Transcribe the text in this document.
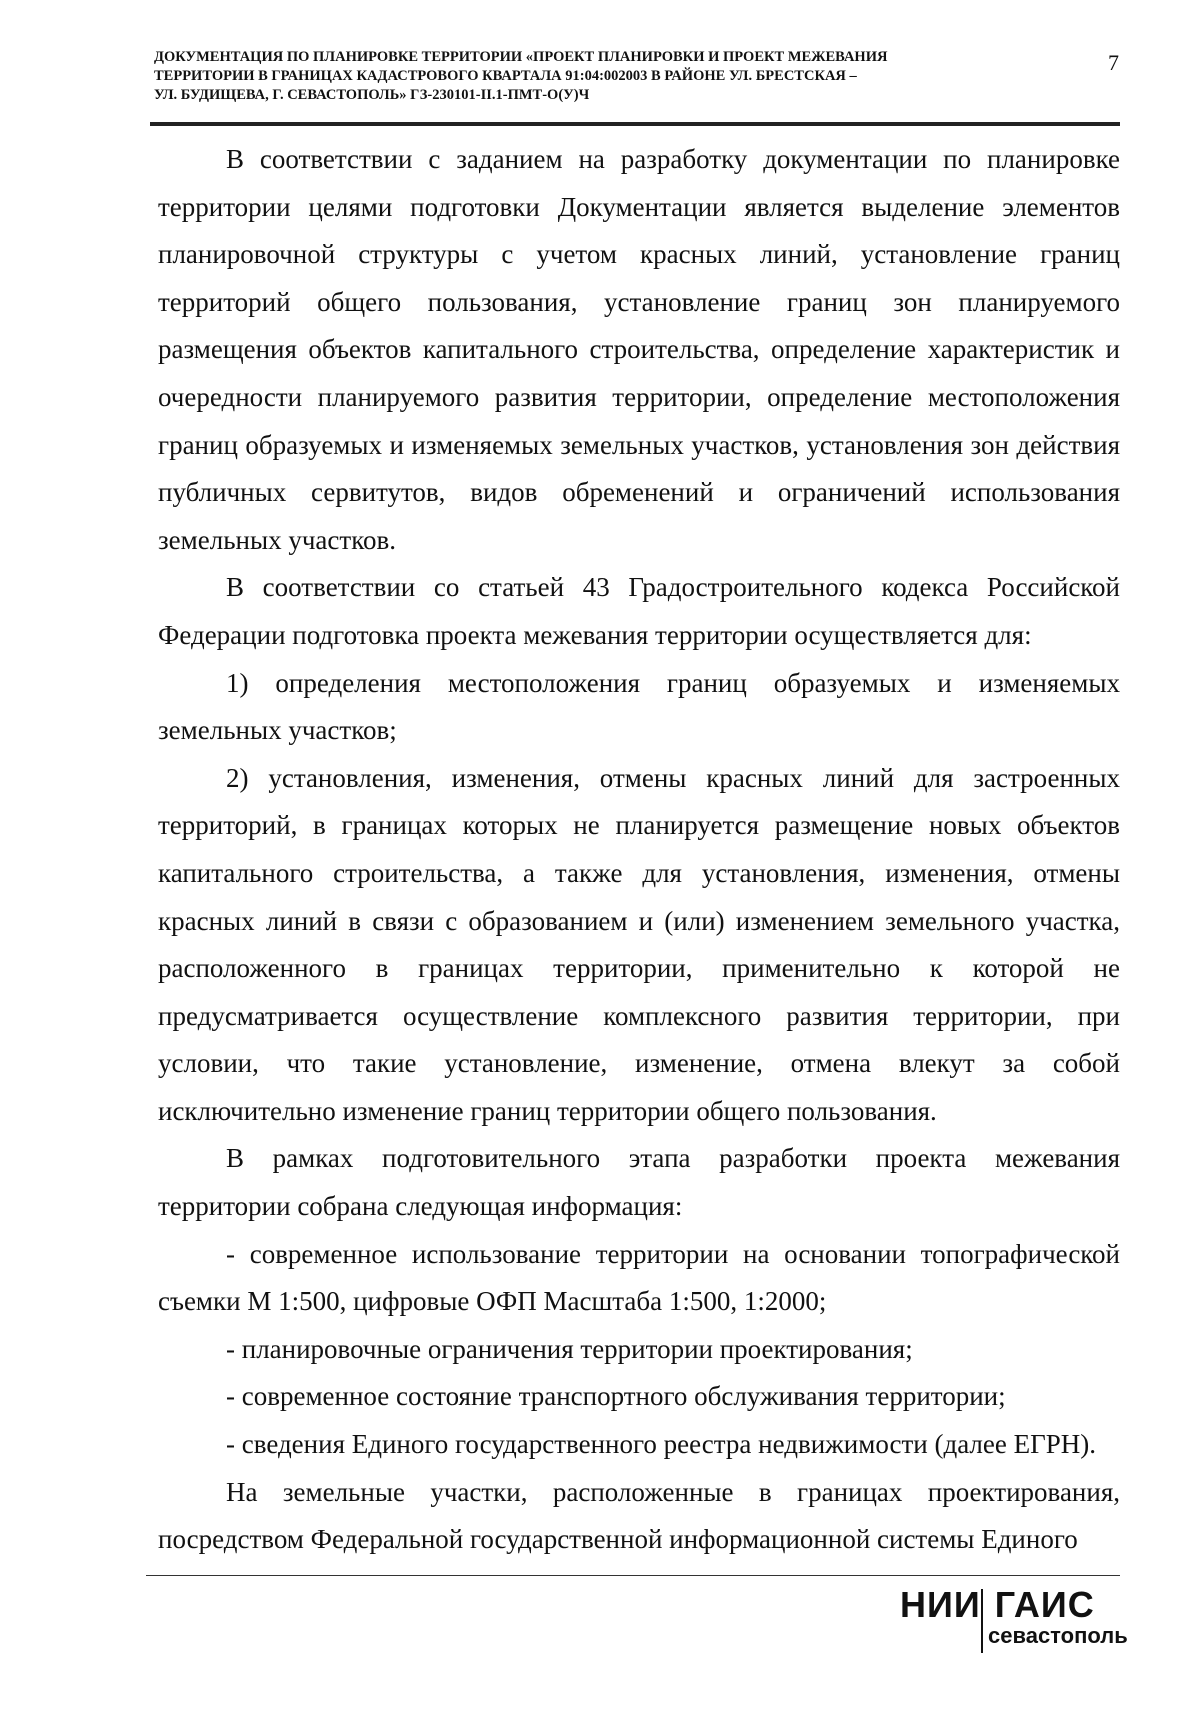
ДОКУМЕНТАЦИЯ ПО ПЛАНИРОВКЕ ТЕРРИТОРИИ «ПРОЕКТ ПЛАНИРОВКИ И ПРОЕКТ МЕЖЕВАНИЯ
ТЕРРИТОРИИ В ГРАНИЦАХ КАДАСТРОВОГО КВАРТАЛА 91:04:002003 В РАЙОНЕ УЛ. БРЕСТСКАЯ –
УЛ. БУДИЩЕВА, Г. СЕВАСТОПОЛЬ» ГЗ-230101-II.1-ПМТ-О(У)Ч
7

В соответствии с заданием на разработку документации по планировке территории целями подготовки Документации является выделение элементов планировочной структуры с учетом красных линий, установление границ территорий общего пользования, установление границ зон планируемого размещения объектов капитального строительства, определение характеристик и очередности планируемого развития территории, определение местоположения границ образуемых и изменяемых земельных участков, установления зон действия публичных сервитутов, видов обременений и ограничений использования земельных участков.

В соответствии со статьей 43 Градостроительного кодекса Российской Федерации подготовка проекта межевания территории осуществляется для:

1) определения местоположения границ образуемых и изменяемых земельных участков;

2) установления, изменения, отмены красных линий для застроенных территорий, в границах которых не планируется размещение новых объектов капитального строительства, а также для установления, изменения, отмены красных линий в связи с образованием и (или) изменением земельного участка, расположенного в границах территории, применительно к которой не предусматривается осуществление комплексного развития территории, при условии, что такие установление, изменение, отмена влекут за собой исключительно изменение границ территории общего пользования.

В рамках подготовительного этапа разработки проекта межевания территории собрана следующая информация:

- современное использование территории на основании топографической съемки М 1:500, цифровые ОФП Масштаба 1:500, 1:2000;

- планировочные ограничения территории проектирования;

- современное состояние транспортного обслуживания территории;

- сведения Единого государственного реестра недвижимости (далее ЕГРН).

На земельные участки, расположенные в границах проектирования, посредством Федеральной государственной информационной системы Единого

НИИ ГАИС
севастополь
